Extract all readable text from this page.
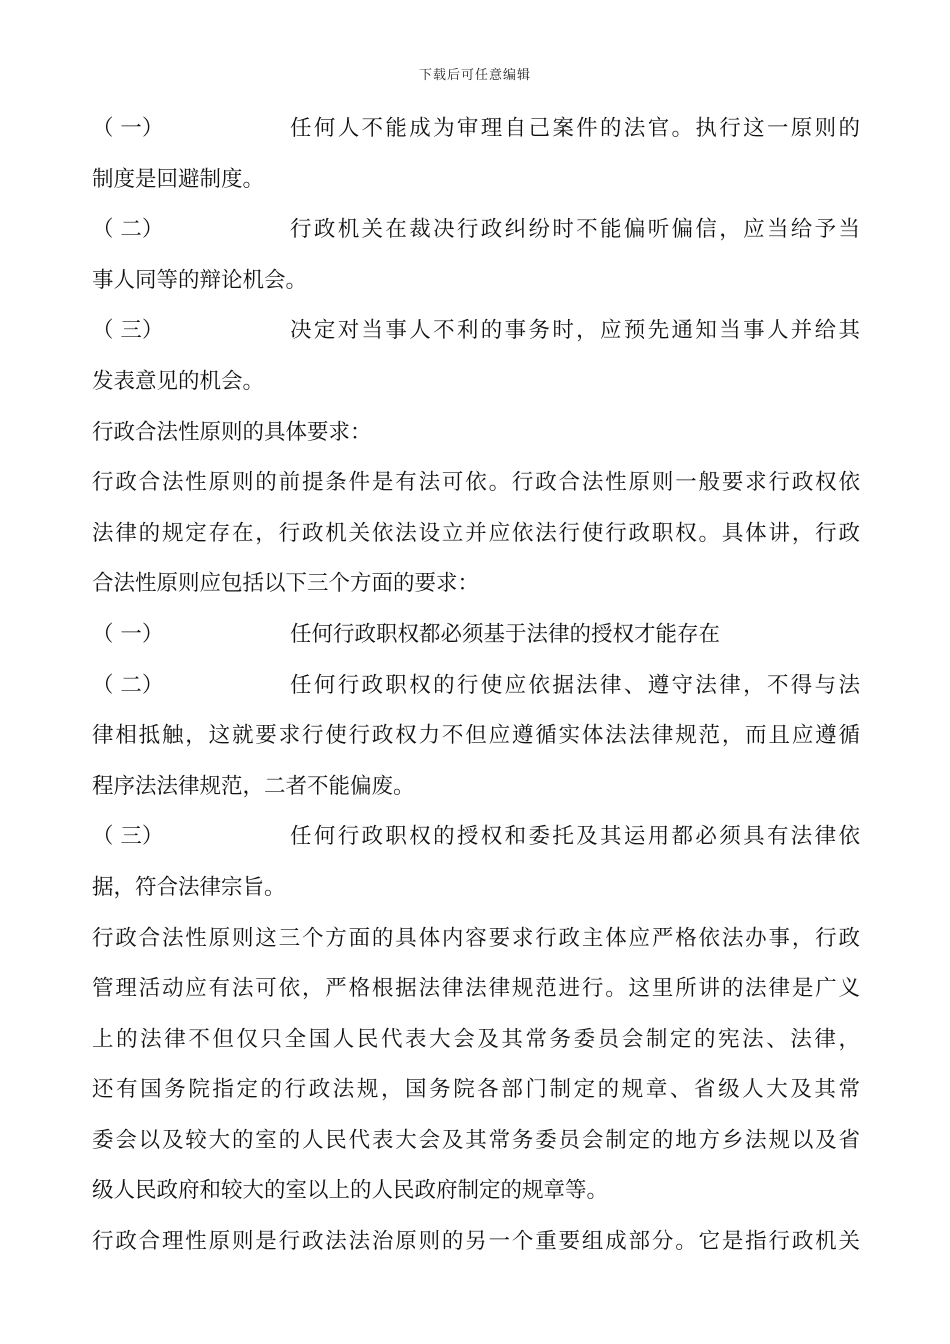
下载后可任意编辑
（ 一）	任何人不能成为审理自己案件的法官。执行这一原则的
制度是回避制度。
（ 二）	行政机关在裁决行政纠纷时不能偏听偏信，应当给予当
事人同等的辩论机会。
（ 三）	决定对当事人不利的事务时，应预先通知当事人并给其
发表意见的机会。
行政合法性原则的具体要求：
行政合法性原则的前提条件是有法可依。行政合法性原则一般要求行政权依
法律的规定存在，行政机关依法设立并应依法行使行政职权。具体讲，行政
合法性原则应包括以下三个方面的要求：
（ 一）	任何行政职权都必须基于法律的授权才能存在
（ 二）	任何行政职权的行使应依据法律、遵守法律，不得与法
律相抵触，这就要求行使行政权力不但应遵循实体法法律规范，而且应遵循
程序法法律规范，二者不能偏废。
（ 三）	任何行政职权的授权和委托及其运用都必须具有法律依
据，符合法律宗旨。
行政合法性原则这三个方面的具体内容要求行政主体应严格依法办事，行政
管理活动应有法可依，严格根据法律法律规范进行。这里所讲的法律是广义
上的法律不但仅只全国人民代表大会及其常务委员会制定的宪法、法律，
还有国务院指定的行政法规，国务院各部门制定的规章、省级人大及其常
委会以及较大的室的人民代表大会及其常务委员会制定的地方乡法规以及省
级人民政府和较大的室以上的人民政府制定的规章等。
行政合理性原则是行政法法治原则的另一个重要组成部分。它是指行政机关
